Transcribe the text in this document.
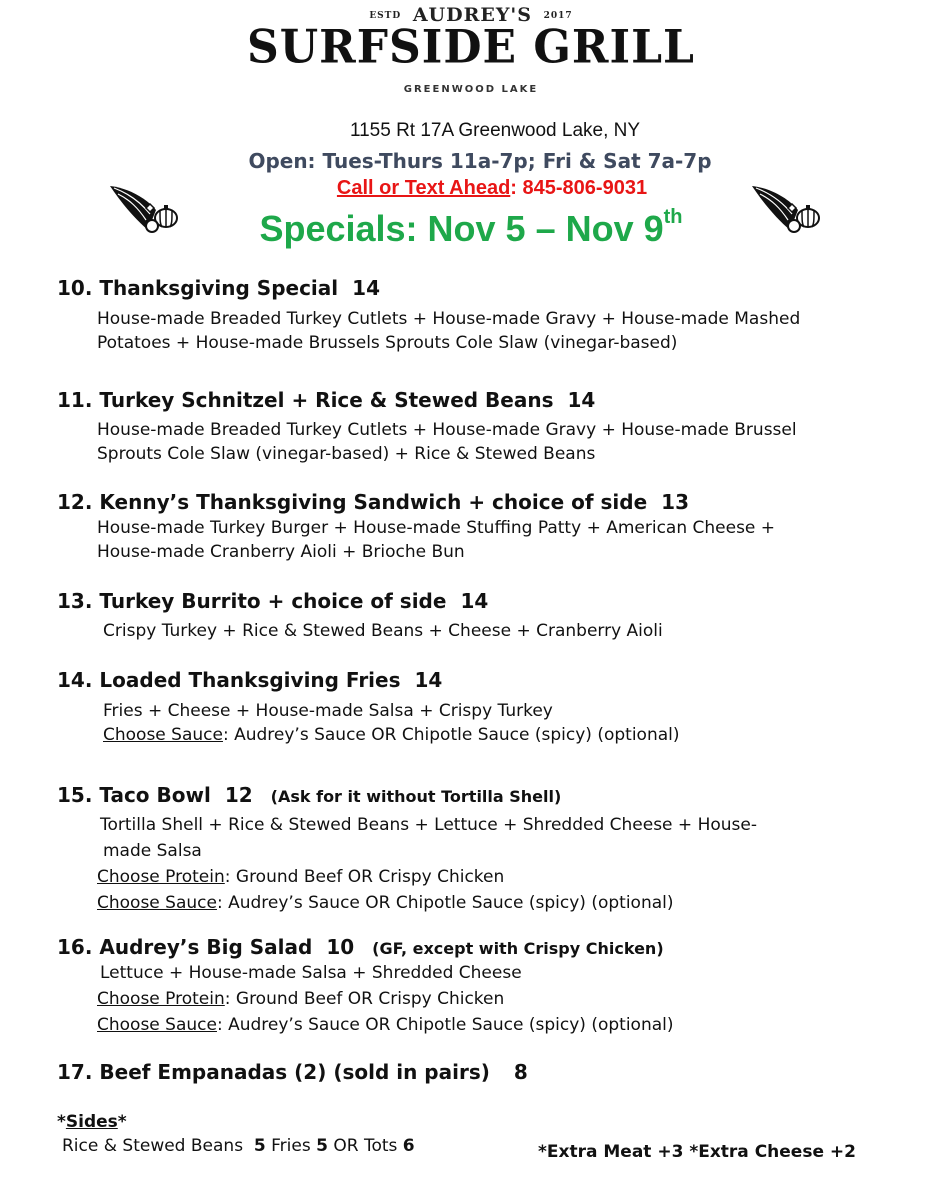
ESTD AUDREY'S 2017
SURFSIDE GRILL
GREENWOOD LAKE
1155 Rt 17A Greenwood Lake, NY
Open: Tues-Thurs 11a-7p; Fri & Sat 7a-7p
Call or Text Ahead: 845-806-9031
Specials: Nov 5 – Nov 9th
10. Thanksgiving Special 14
House-made Breaded Turkey Cutlets + House-made Gravy + House-made Mashed
Potatoes + House-made Brussels Sprouts Cole Slaw (vinegar-based)
11. Turkey Schnitzel + Rice & Stewed Beans 14
House-made Breaded Turkey Cutlets + House-made Gravy + House-made Brussel
Sprouts Cole Slaw (vinegar-based) + Rice & Stewed Beans
12. Kenny’s Thanksgiving Sandwich + choice of side 13
House-made Turkey Burger + House-made Stuffing Patty + American Cheese +
House-made Cranberry Aioli + Brioche Bun
13. Turkey Burrito + choice of side 14
Crispy Turkey + Rice & Stewed Beans + Cheese + Cranberry Aioli
14. Loaded Thanksgiving Fries 14
Fries + Cheese + House-made Salsa + Crispy Turkey
Choose Sauce: Audrey’s Sauce OR Chipotle Sauce (spicy) (optional)
15. Taco Bowl 12 (Ask for it without Tortilla Shell)
Tortilla Shell + Rice & Stewed Beans + Lettuce + Shredded Cheese + House-
made Salsa
Choose Protein: Ground Beef OR Crispy Chicken
Choose Sauce: Audrey’s Sauce OR Chipotle Sauce (spicy) (optional)
16. Audrey’s Big Salad 10 (GF, except with Crispy Chicken)
Lettuce + House-made Salsa + Shredded Cheese
Choose Protein: Ground Beef OR Crispy Chicken
Choose Sauce: Audrey’s Sauce OR Chipotle Sauce (spicy) (optional)
17. Beef Empanadas (2) (sold in pairs) 8
*Sides*
Rice & Stewed Beans 5 Fries 5 OR Tots 6	*Extra Meat +3 *Extra Cheese +2
